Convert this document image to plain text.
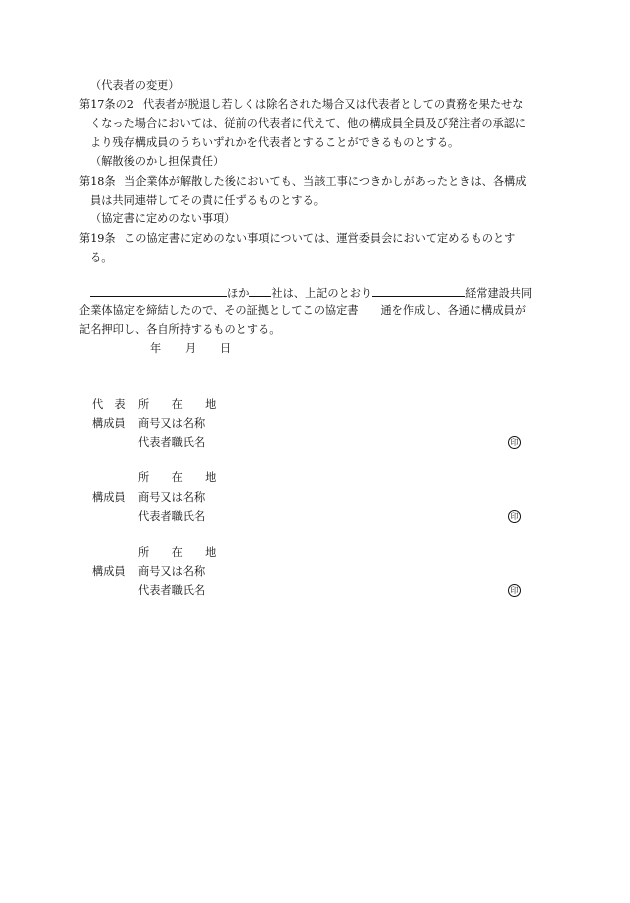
（代表者の変更）
第17条の2 代表者が脱退し若しくは除名された場合又は代表者としての責務を果たせな
くなった場合においては、従前の代表者に代えて、他の構成員全員及び発注者の承認に
より残存構成員のうちいずれかを代表者とすることができるものとする。
（解散後のかし担保責任）
第18条 当企業体が解散した後においても、当該工事につきかしがあったときは、各構成
員は共同連帯してその責に任ずるものとする。
（協定書に定めのない事項）
第19条 この協定書に定めのない事項については、運営委員会において定めるものとす
る。
ほか 社は、上記のとおり	経常建設共同
企業体協定を締結したので、その証拠としてこの協定書 通を作成し、各通に構成員が
記名押印し、各自所持するものとする。
年 月 日
代　表 所　　在　　地
構成員 商号又は名称
代表者職氏名	印
所　　在　　地
構成員 商号又は名称
代表者職氏名	印
所　　在　　地
構成員 商号又は名称
代表者職氏名	印
